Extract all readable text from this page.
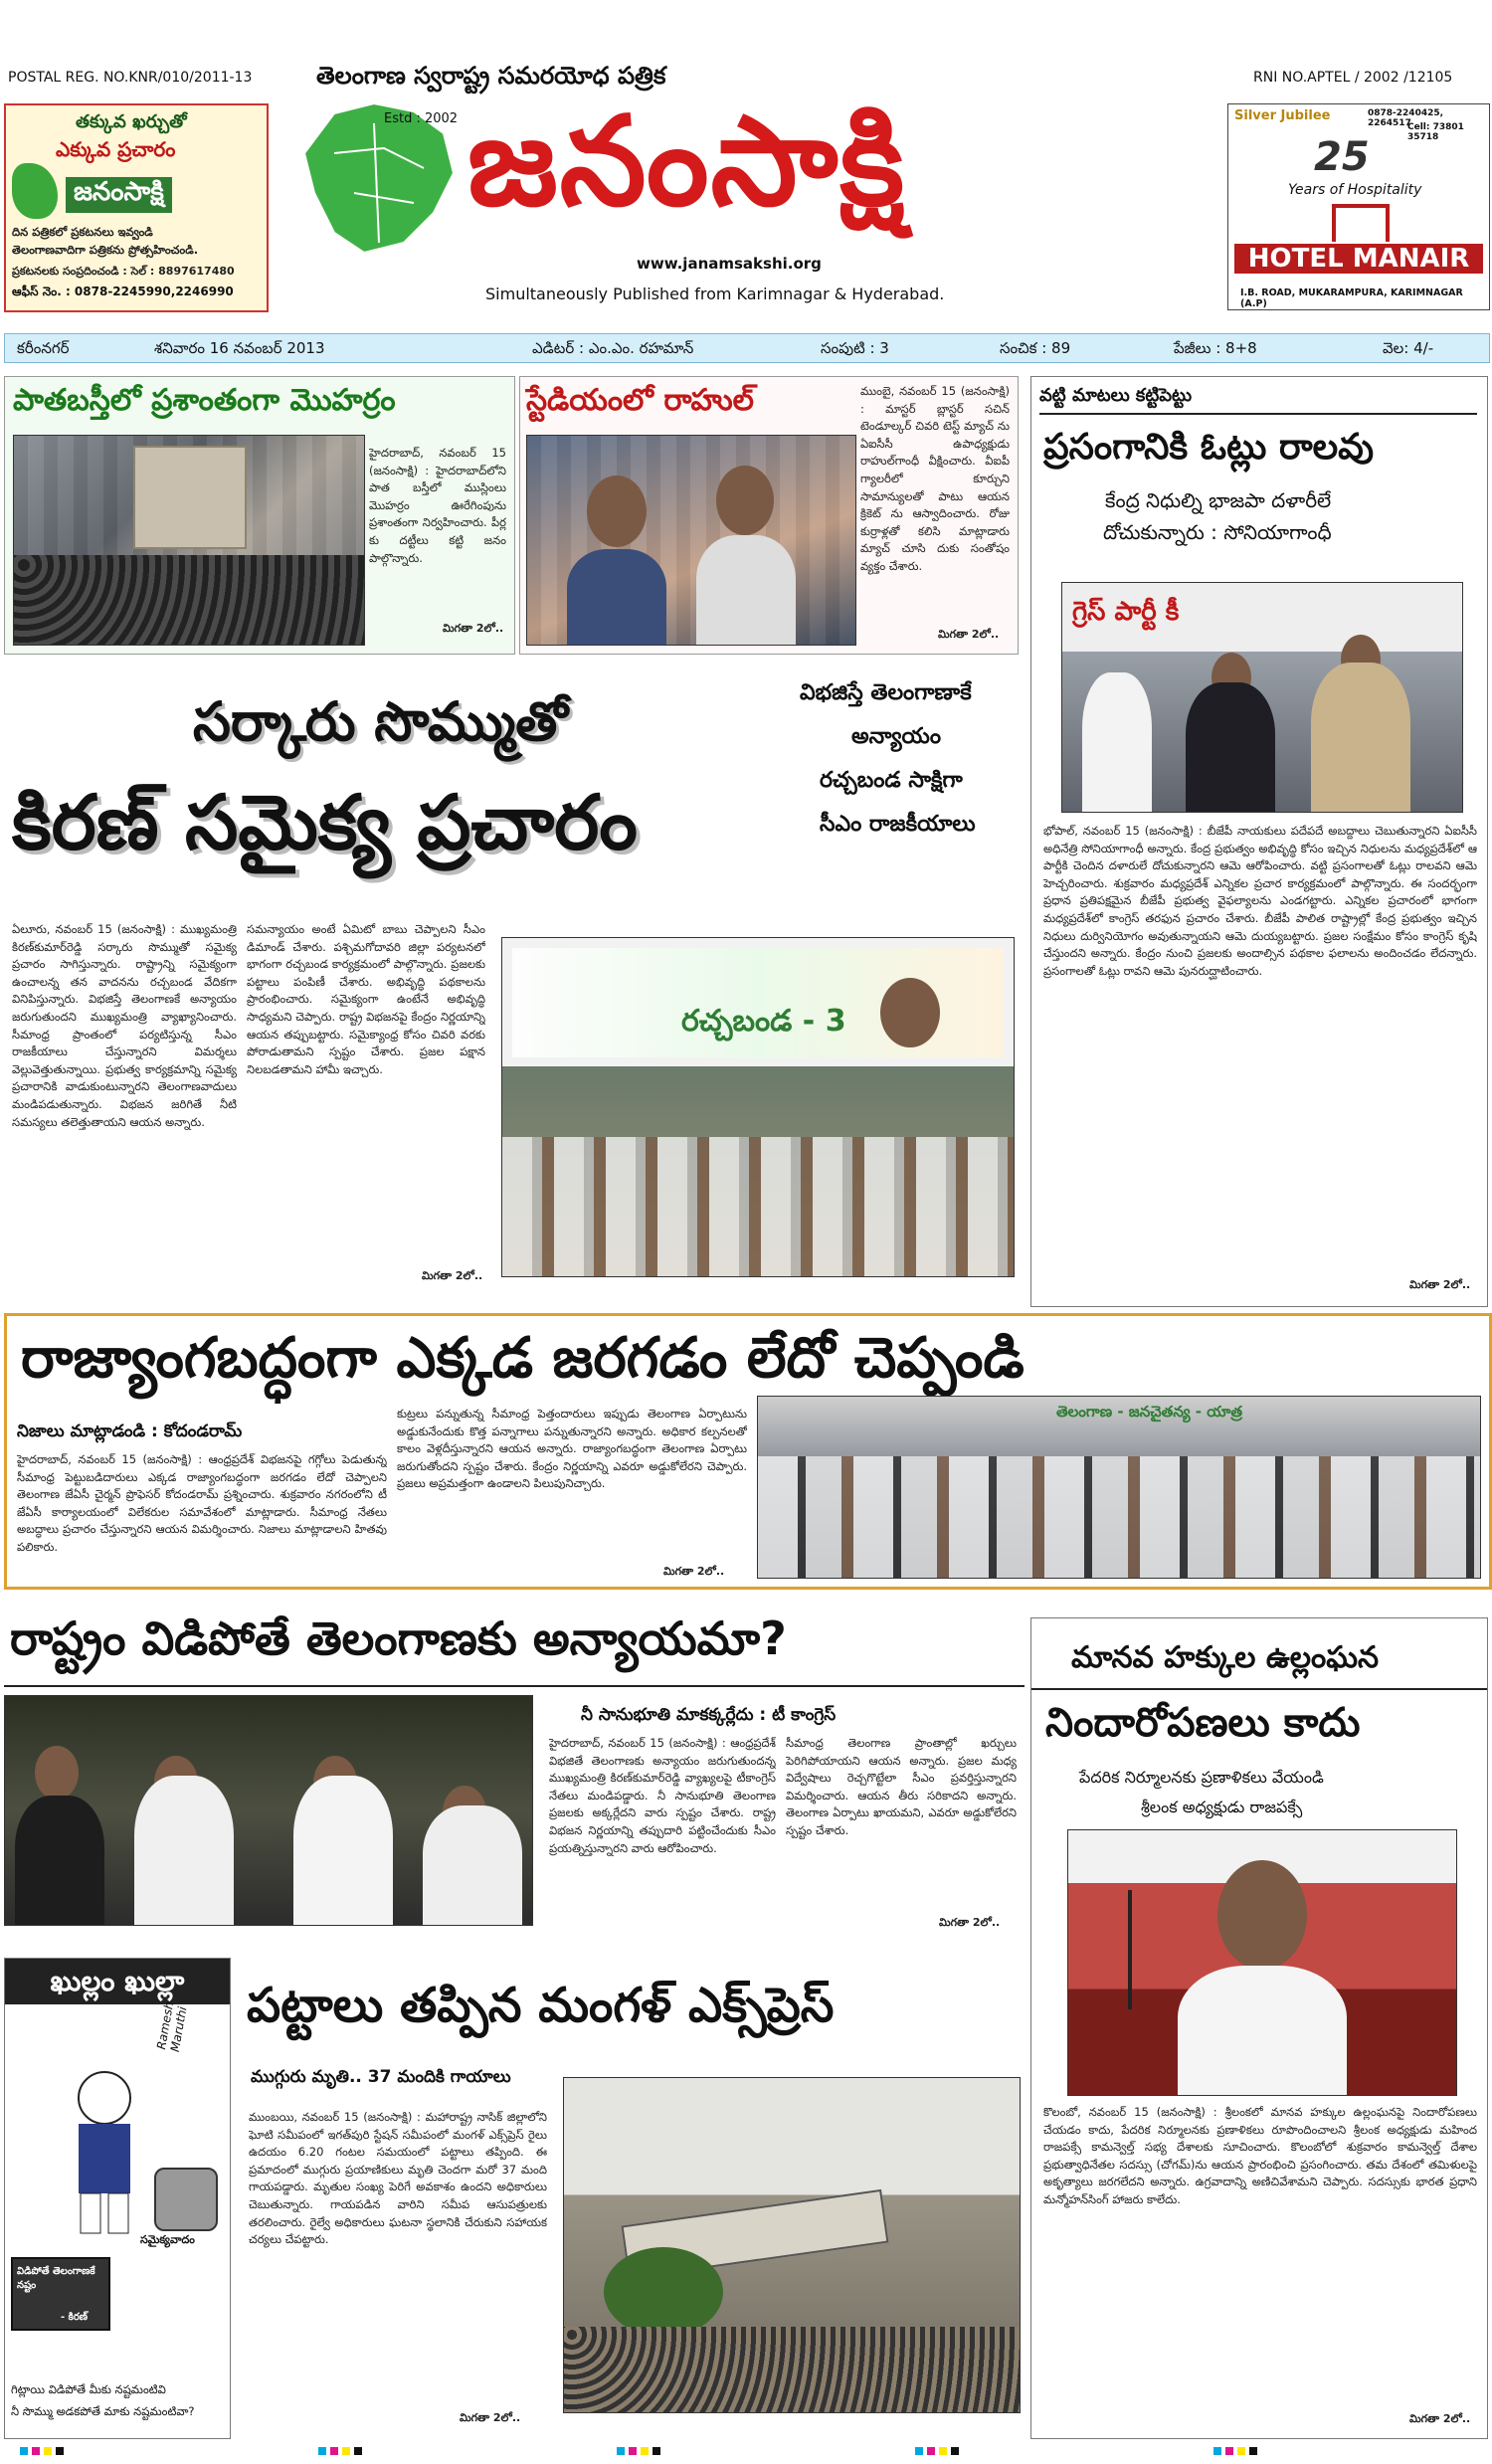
POSTAL REG. NO.KNR/010/2011-13	తెలంగాణ స్వరాష్ట్ర సమరయోధ పత్రిక	RNI NO.APTEL / 2002 /12105
తక్కువ ఖర్చుతో
ఎక్కువ ప్రచారం
జనంసాక్షి
దిన పత్రికలో ప్రకటనలు ఇవ్వండి
తెలంగాణవాదిగా పత్రికను ప్రోత్సహించండి.
ప్రకటనలకు సంప్రదించండి : సెల్ : 8897617480
ఆఫీస్ నెం. : 0878-2245990,2246990
Estd : 2002 జనంసాక్షి
www.janamsakshi.org
Simultaneously Published from Karimnagar & Hyderabad.
Silver Jubilee	0878-2240425, 2264517
Cell: 73801 35718
25
Years of Hospitality
HOTEL MANAIR
I.B. ROAD, MUKARAMPURA, KARIMNAGAR (A.P)
కరీంనగర్	శనివారం 16 నవంబర్ 2013	ఎడిటర్ : ఎం.ఎం. రహమాన్	సంపుటి : 3	సంచిక : 89	పేజీలు : 8+8	వెల: 4/-
పాతబస్తీలో ప్రశాంతంగా మొహర్రం
హైదరాబాద్, నవంబర్ 15 (జనంసాక్షి) : హైదరాబాద్‌లోని పాత బస్తీలో ముస్లింలు మొహర్రం ఊరేగింపును ప్రశాంతంగా నిర్వహించారు. పీర్ల కు దట్టీలు కట్టి జనం పాల్గొన్నారు.
మిగతా 2లో..
స్టేడియంలో రాహుల్	ముంబై, నవంబర్ 15 (జనంసాక్షి) : మాస్టర్ బ్లాస్టర్ సచిన్ టెండూల్కర్ చివరి టెస్ట్ మ్యాచ్‌ ను ఏఐసీసీ ఉపాధ్యక్షుడు రాహుల్‌గాంధీ వీక్షించారు. వీఐపీ గ్యాలరీలో కూర్చుని సామాన్యులతో పాటు ఆయన క్రికెట్‌ ను ఆస్వాదించారు. రోజు కుర్రాళ్లతో కలిసి మాట్లాడారు మ్యాచ్ చూసి దుకు సంతోషం వ్యక్తం చేశారు.
మిగతా 2లో..
వట్టి మాటలు కట్టిపెట్టు
ప్రసంగానికి ఓట్లు రాలవు
కేంద్ర నిధుల్ని భాజపా దళారీలే
దోచుకున్నారు : సోనియాగాంధీ
గ్రెస్ పార్టీ కీ
భోపాల్, నవంబర్ 15 (జనంసాక్షి) : బీజేపీ నాయకులు పదేపదే అబద్దాలు చెబుతున్నారని ఏఐసీసీ అధినేత్రి సోనియాగాంధీ అన్నారు. కేంద్ర ప్రభుత్వం అభివృద్ధి కోసం ఇచ్చిన నిధులను మధ్యప్రదేశ్‌లో ఆ పార్టీకి చెందిన దళారులే దోచుకున్నారని ఆమె ఆరోపించారు. వట్టి ప్రసంగాలతో ఓట్లు రాలవని ఆమె హెచ్చరించారు. శుక్రవారం మధ్యప్రదేశ్‌ ఎన్నికల ప్రచార కార్యక్రమంలో పాల్గొన్నారు. ఈ సందర్భంగా ప్రధాన ప్రతిపక్షమైన బీజేపీ ప్రభుత్వ వైఫల్యాలను ఎండగట్టారు. ఎన్నికల ప్రచారంలో భాగంగా మధ్యప్రదేశ్‌లో కాంగ్రెస్‌ తరఫున ప్రచారం చేశారు. బీజేపీ పాలిత రాష్ట్రాల్లో కేంద్ర ప్రభుత్వం ఇచ్చిన నిధులు దుర్వినియోగం అవుతున్నాయని ఆమె దుయ్యబట్టారు. ప్రజల సంక్షేమం కోసం కాంగ్రెస్‌ కృషి చేస్తుందని అన్నారు. కేంద్రం నుంచి ప్రజలకు అందాల్సిన పథకాల ఫలాలను అందించడం లేదన్నారు. ప్రసంగాలతో ఓట్లు రావని ఆమె పునరుద్ఘాటించారు.
మిగతా 2లో..
సర్కారు సొమ్ముతో
కిరణ్ సమైక్య ప్రచారం
విభజిస్తే తెలంగాణాకే
అన్యాయం
రచ్చబండ సాక్షిగా
సీఎం రాజకీయాలు
ఏలూరు, నవంబర్ 15 (జనంసాక్షి) : ముఖ్యమంత్రి కిరణ్‌కుమార్‌రెడ్డి సర్కారు సొమ్ముతో సమైక్య ప్రచారం సాగిస్తున్నారు. రాష్ట్రాన్ని సమైక్యంగా ఉంచాలన్న తన వాదనను రచ్చబండ వేదికగా వినిపిస్తున్నారు. విభజిస్తే తెలంగాణకే అన్యాయం జరుగుతుందని ముఖ్యమంత్రి వ్యాఖ్యానించారు. సీమాంధ్ర ప్రాంతంలో పర్యటిస్తున్న సీఎం రాజకీయాలు చేస్తున్నారని విమర్శలు వెల్లువెత్తుతున్నాయి. ప్రభుత్వ కార్యక్రమాన్ని సమైక్య ప్రచారానికి వాడుకుంటున్నారని తెలంగాణవాదులు మండిపడుతున్నారు. విభజన జరిగితే నీటి సమస్యలు తలెత్తుతాయని ఆయన అన్నారు.
సమన్యాయం అంటే ఏమిటో బాబు చెప్పాలని సీఎం డిమాండ్ చేశారు. పశ్చిమగోదావరి జిల్లా పర్యటనలో భాగంగా రచ్చబండ కార్యక్రమంలో పాల్గొన్నారు. ప్రజలకు పట్టాలు పంపిణీ చేశారు. అభివృద్ధి పథకాలను ప్రారంభించారు. సమైక్యంగా ఉంటేనే అభివృద్ధి సాధ్యమని చెప్పారు. రాష్ట్ర విభజనపై కేంద్రం నిర్ణయాన్ని ఆయన తప్పుబట్టారు. సమైక్యాంధ్ర కోసం చివరి వరకు పోరాడుతామని స్పష్టం చేశారు. ప్రజల పక్షాన నిలబడతామని హామీ ఇచ్చారు.
మిగతా 2లో..
రచ్చబండ - 3
రాజ్యాంగబద్ధంగా ఎక్కడ జరగడం లేదో చెప్పండి
నిజాలు మాట్లాడండి : కోదండరామ్
హైదరాబాద్, నవంబర్ 15 (జనంసాక్షి) : ఆంధ్రప్రదేశ్ విభజనపై గగ్గోలు పెడుతున్న సీమాంధ్ర పెట్టుబడిదారులు ఎక్కడ రాజ్యాంగబద్ధంగా జరగడం లేదో చెప్పాలని తెలంగాణ జేఏసీ చైర్మన్ ప్రొఫెసర్ కోదండరామ్ ప్రశ్నించారు. శుక్రవారం నగరంలోని టీ జేఏసీ కార్యాలయంలో విలేకరుల సమావేశంలో మాట్లాడారు. సీమాంధ్ర నేతలు అబద్ధాలు ప్రచారం చేస్తున్నారని ఆయన విమర్శించారు. నిజాలు మాట్లాడాలని హితవు పలికారు.
కుట్రలు పన్నుతున్న సీమాంధ్ర పెత్తందారులు ఇప్పుడు తెలంగాణ ఏర్పాటును అడ్డుకునేందుకు కొత్త పన్నాగాలు పన్నుతున్నారని అన్నారు. అధికార కల్పనలతో కాలం వెళ్లదీస్తున్నారని ఆయన అన్నారు. రాజ్యాంగబద్ధంగా తెలంగాణ ఏర్పాటు జరుగుతోందని స్పష్టం చేశారు. కేంద్రం నిర్ణయాన్ని ఎవరూ అడ్డుకోలేరని చెప్పారు. ప్రజలు అప్రమత్తంగా ఉండాలని పిలుపునిచ్చారు.
మిగతా 2లో..
తెలంగాణ - జనచైతన్య - యాత్ర
రాష్ట్రం విడిపోతే తెలంగాణకు అన్యాయమా?
నీ సానుభూతి మాకక్కర్లేదు : టీ కాంగ్రెస్
హైదరాబాద్, నవంబర్ 15 (జనంసాక్షి) : ఆంధ్రప్రదేశ్ విభజితే తెలంగాణకు అన్యాయం జరుగుతుందన్న ముఖ్యమంత్రి కిరణ్‌కుమార్‌రెడ్డి వ్యాఖ్యలపై టీకాంగ్రెస్ నేతలు మండిపడ్డారు. నీ సానుభూతి తెలంగాణ ప్రజలకు అక్కర్లేదని వారు స్పష్టం చేశారు. రాష్ట్ర విభజన నిర్ణయాన్ని తప్పుదారి పట్టించేందుకు సీఎం ప్రయత్నిస్తున్నారని వారు ఆరోపించారు.
సీమాంధ్ర తెలంగాణ ప్రాంతాల్లో ఖర్చులు పెరిగిపోయాయని ఆయన అన్నారు. ప్రజల మధ్య విద్వేషాలు రెచ్చగొట్టేలా సీఎం ప్రవర్తిస్తున్నారని విమర్శించారు. ఆయన తీరు సరికాదని అన్నారు. తెలంగాణ ఏర్పాటు ఖాయమని, ఎవరూ అడ్డుకోలేరని స్పష్టం చేశారు.
మిగతా 2లో..
ఖుల్లం ఖుల్లా
కిరణ్
సమైక్యవాదం
Ramesh Maruthi
విడిపోతే తెలంగాణకే నష్టం
- కిరణ్
గిట్లాయి విడిపోతే మీకు నష్టమంటివి
నీ సొమ్ము అడకపోతే మాకు నష్టమంటివా?
పట్టాలు తప్పిన మంగళ్ ఎక్స్‌ప్రెస్
ముగ్గురు మృతి.. 37 మందికి గాయాలు
ముంబయి, నవంబర్ 15 (జనంసాక్షి) : మహారాష్ట్ర నాసిక్ జిల్లాలోని ఘోటి సమీపంలో ఇగత్‌పురి స్టేషన్ సమీపంలో మంగళ్ ఎక్స్‌ప్రెస్ రైలు ఉదయం 6.20 గంటల సమయంలో పట్టాలు తప్పింది. ఈ ప్రమాదంలో ముగ్గురు ప్రయాణికులు మృతి చెందగా మరో 37 మంది గాయపడ్డారు. మృతుల సంఖ్య పెరిగే అవకాశం ఉందని అధికారులు చెబుతున్నారు. గాయపడిన వారిని సమీప ఆసుపత్రులకు తరలించారు. రైల్వే అధికారులు ఘటనా స్థలానికి చేరుకుని సహాయక చర్యలు చేపట్టారు.
మిగతా 2లో..
మానవ హక్కుల ఉల్లంఘన
నిందారోపణలు కాదు
పేదరిక నిర్మూలనకు ప్రణాళికలు వేయండి
శ్రీలంక అధ్యక్షుడు రాజపక్సే
కొలంబో, నవంబర్ 15 (జనంసాక్షి) : శ్రీలంకలో మానవ హక్కుల ఉల్లంఘనపై నిందారోపణలు చేయడం కాదు, పేదరిక నిర్మూలనకు ప్రణాళికలు రూపొందించాలని శ్రీలంక అధ్యక్షుడు మహింద రాజపక్సే కామన్వెల్త్ సభ్య దేశాలకు సూచించారు. కొలంబోలో శుక్రవారం కామన్వెల్త్ దేశాల ప్రభుత్వాధినేతల సదస్సు (చోగమ్)ను ఆయన ప్రారంభించి ప్రసంగించారు. తమ దేశంలో తమిళులపై అకృత్యాలు జరగలేదని అన్నారు. ఉగ్రవాదాన్ని అణిచివేశామని చెప్పారు. సదస్సుకు భారత ప్రధాని మన్మోహన్‌సింగ్ హాజరు కాలేదు.
మిగతా 2లో..
